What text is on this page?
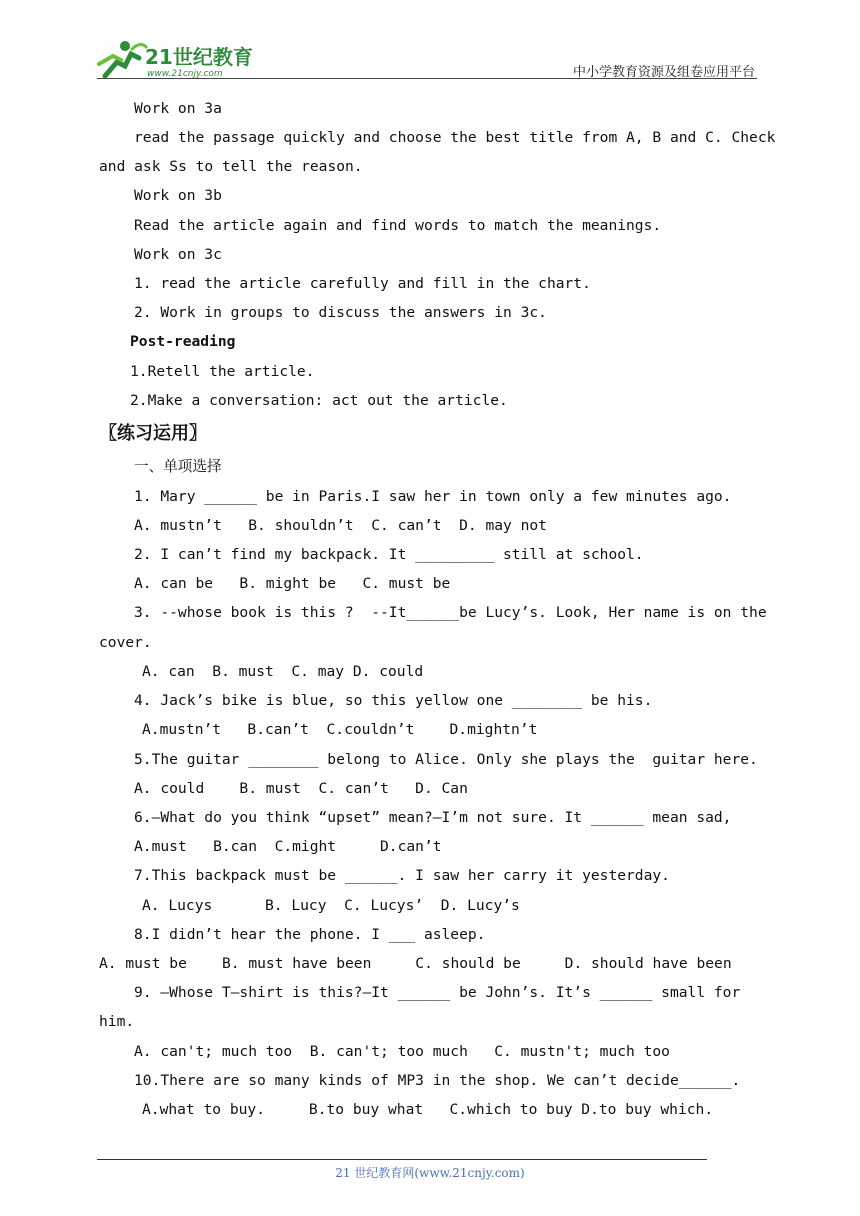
21世纪教育
www.21cnjy.com	中小学教育资源及组卷应用平台
Work on 3a
read the passage quickly and choose the best title from A, B and C. Check
and ask Ss to tell the reason.
Work on 3b
Read the article again and find words to match the meanings.
Work on 3c
1. read the article carefully and fill in the chart.
2. Work in groups to discuss the answers in 3c.
Post-reading
1.Retell the article.
2.Make a conversation: act out the article.
〖练习运用〗
一、单项选择
1. Mary ______ be in Paris.I saw her in town only a few minutes ago.
A. mustn’t   B. shouldn’t  C. can’t  D. may not
2. I can’t find my backpack. It _________ still at school.
A. can be   B. might be   C. must be
3. --whose book is this ?  --It______be Lucy’s. Look, Her name is on the
cover.
A. can  B. must  C. may D. could
4. Jack’s bike is blue, so this yellow one ________ be his.
A.mustn’t   B.can’t  C.couldn’t    D.mightn’t
5.The guitar ________ belong to Alice. Only she plays the  guitar here.
A. could    B. must  C. can’t   D. Can
6.—What do you think “upset” mean?—I’m not sure. It ______ mean sad,
A.must   B.can  C.might     D.can’t
7.This backpack must be ______. I saw her carry it yesterday.
A. Lucys      B. Lucy  C. Lucys’  D. Lucy’s
8.I didn’t hear the phone. I ___ asleep.
A. must be    B. must have been     C. should be     D. should have been
9. —Whose T–shirt is this?—It ______ be John’s. It’s ______ small for
him.
A. can't; much too  B. can't; too much   C. mustn't; much too
10.There are so many kinds of MP3 in the shop. We can’t decide______.
A.what to buy.     B.to buy what   C.which to buy D.to buy which.
21 世纪教育网(www.21cnjy.com)
